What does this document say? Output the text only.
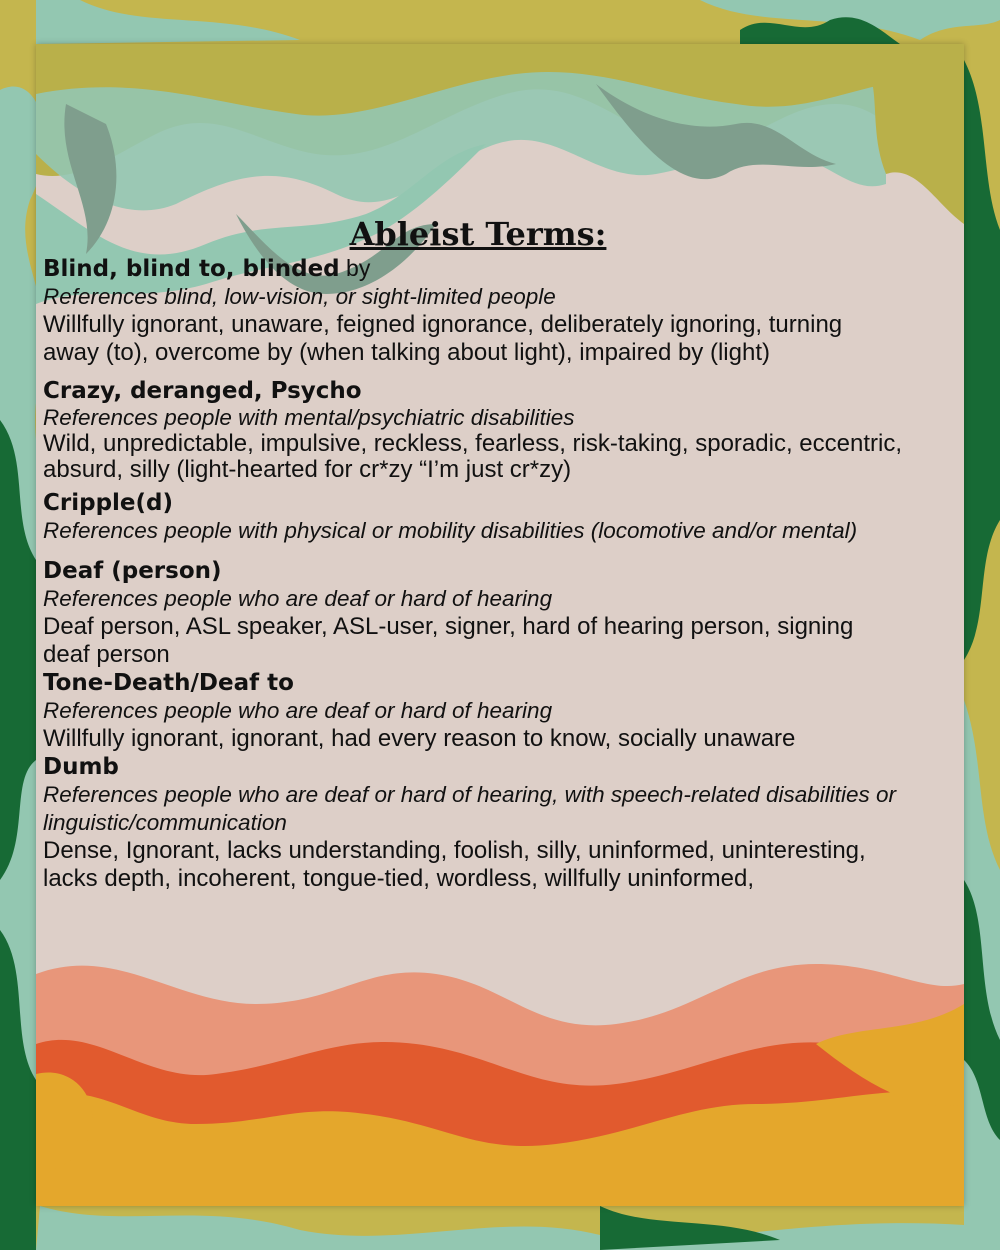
Ableist Terms:

Blind, blind to, blinded by

References blind, low-vision, or sight-limited people

Willfully ignorant, unaware, feigned ignorance, deliberately ignoring, turning away (to), overcome by (when talking about light), impaired by (light)

Crazy, deranged, Psycho

References people with mental/psychiatric disabilities

Wild, unpredictable, impulsive, reckless, fearless, risk-taking, sporadic, eccentric, absurd, silly (light-hearted for cr*zy “I’m just cr*zy)

Cripple(d)

References people with physical or mobility disabilities (locomotive and/or mental)

Deaf (person)

References people who are deaf or hard of hearing

Deaf person, ASL speaker, ASL-user, signer, hard of hearing person, signing deaf person

Tone-Death/Deaf to

References people who are deaf or hard of hearing

Willfully ignorant, ignorant, had every reason to know, socially unaware

Dumb

References people who are deaf or hard of hearing, with speech-related disabilities or linguistic/communication

Dense, Ignorant, lacks understanding, foolish, silly, uninformed, uninteresting, lacks depth, incoherent, tongue-tied, wordless, willfully uninformed,
